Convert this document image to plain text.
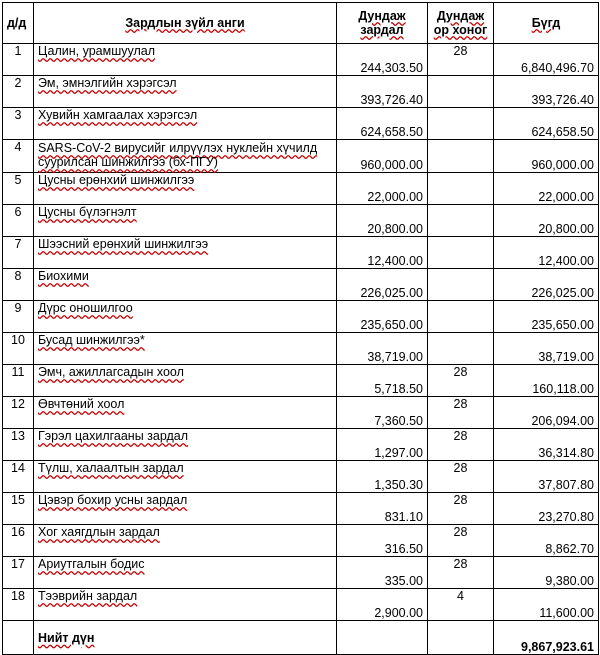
д/д	Зардлын зүйл анги	Дундаж зардал	Дундаж ор хоног	Бүгд
1	Цалин, урамшуулал	244,303.50	28	6,840,496.70
2	Эм, эмнэлгийн хэрэгсэл	393,726.40		393,726.40
3	Хувийн хамгаалах хэрэгсэл	624,658.50		624,658.50
4	SARS-CoV-2 вирусийг илрүүлэх нуклейн хүчилд суурилсан шинжилгээ (бх-ПГУ)	960,000.00		960,000.00
5	Цусны ерөнхий шинжилгээ	22,000.00		22,000.00
6	Цусны бүлэгнэлт	20,800.00		20,800.00
7	Шээсний ерөнхий шинжилгээ	12,400.00		12,400.00
8	Биохими	226,025.00		226,025.00
9	Дүрс оношилгоо	235,650.00		235,650.00
10	Бусад шинжилгээ*	38,719.00		38,719.00
11	Эмч, ажиллагсадын хоол	5,718.50	28	160,118.00
12	Өвчтөний хоол	7,360.50	28	206,094.00
13	Гэрэл цахилгааны зардал	1,297.00	28	36,314.80
14	Түлш, халаалтын зардал	1,350.30	28	37,807.80
15	Цэвэр бохир усны зардал	831.10	28	23,270.80
16	Хог хаягдлын зардал	316.50	28	8,862.70
17	Ариутгалын бодис	335.00	28	9,380.00
18	Тээврийн зардал	2,900.00	4	11,600.00
	Нийт дүн			9,867,923.61
